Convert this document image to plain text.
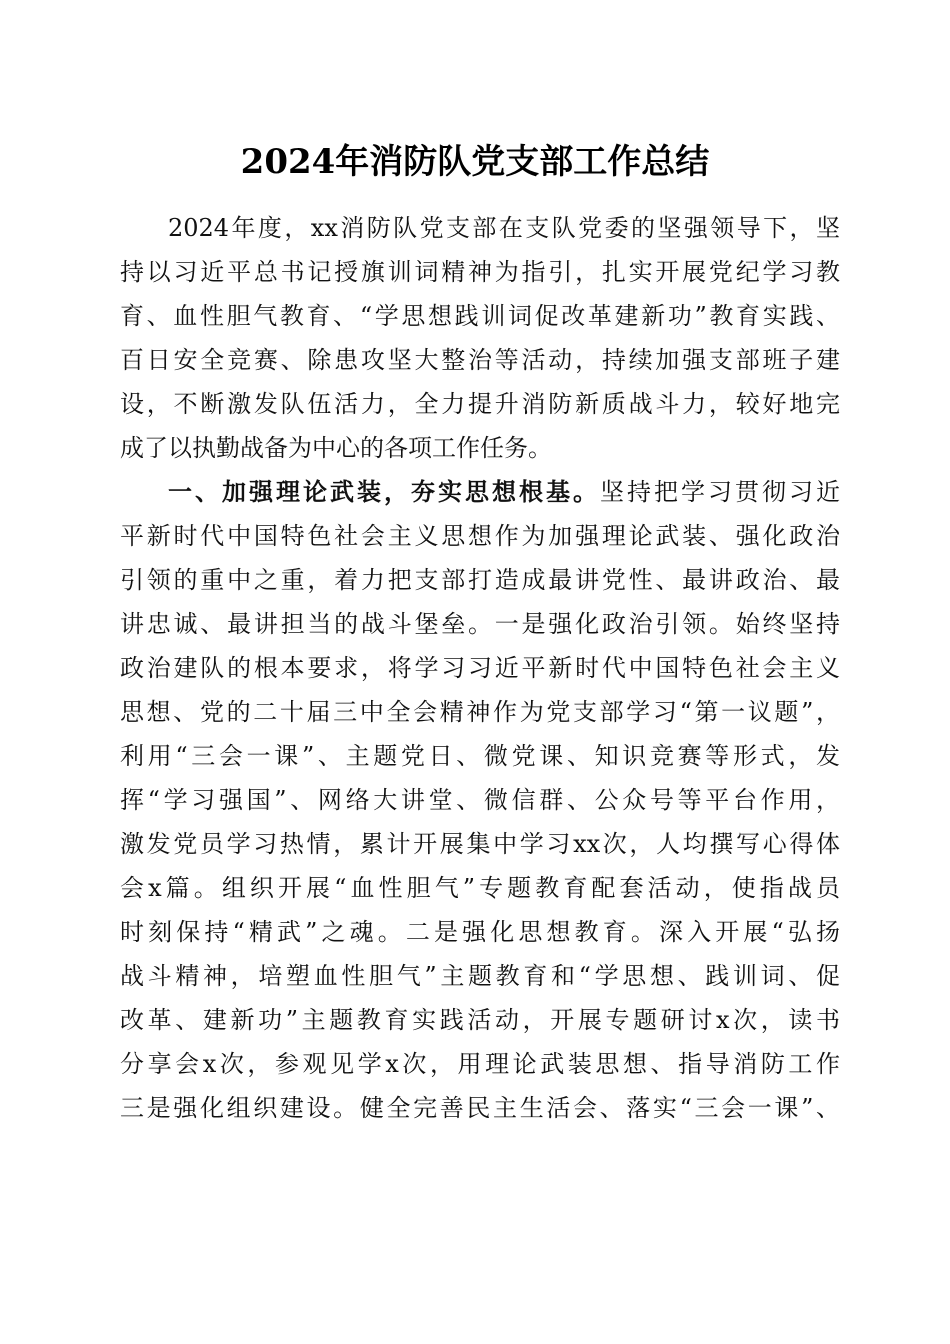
2024年消防队党支部工作总结
2024年度，xx消防队党支部在支队党委的坚强领导下，坚
持以习近平总书记授旗训词精神为指引，扎实开展党纪学习教
育、血性胆气教育、“学思想践训词促改革建新功”教育实践、
百日安全竞赛、除患攻坚大整治等活动，持续加强支部班子建
设，不断激发队伍活力，全力提升消防新质战斗力，较好地完
成了以执勤战备为中心的各项工作任务。
一、加强理论武装，夯实思想根基。坚持把学习贯彻习近
平新时代中国特色社会主义思想作为加强理论武装、强化政治
引领的重中之重，着力把支部打造成最讲党性、最讲政治、最
讲忠诚、最讲担当的战斗堡垒。一是强化政治引领。始终坚持
政治建队的根本要求，将学习习近平新时代中国特色社会主义
思想、党的二十届三中全会精神作为党支部学习“第一议题”，
利用“三会一课”、主题党日、微党课、知识竞赛等形式，发
挥“学习强国”、网络大讲堂、微信群、公众号等平台作用，
激发党员学习热情，累计开展集中学习xx次，人均撰写心得体
会x篇。组织开展“血性胆气”专题教育配套活动，使指战员
时刻保持“精武”之魂。二是强化思想教育。深入开展“弘扬
战斗精神，培塑血性胆气”主题教育和“学思想、践训词、促
改革、建新功”主题教育实践活动，开展专题研讨x次，读书
分享会x次，参观见学x次，用理论武装思想、指导消防工作
三是强化组织建设。健全完善民主生活会、落实“三会一课”、
